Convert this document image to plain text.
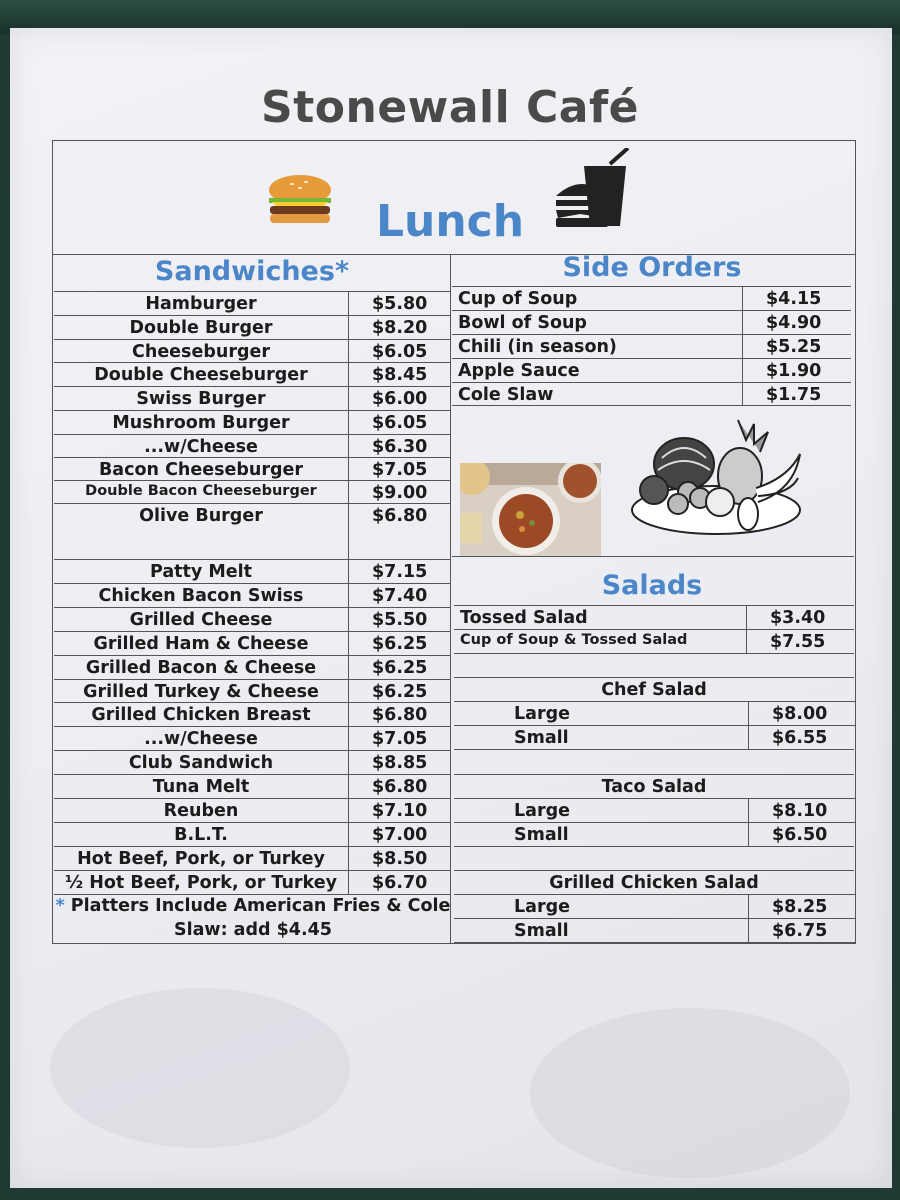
Stonewall Café
Lunch
Sandwiches*
Hamburger	$5.80
Double Burger	$8.20
Cheeseburger	$6.05
Double Cheeseburger	$8.45
Swiss Burger	$6.00
Mushroom Burger	$6.05
...w/Cheese	$6.30
Bacon Cheeseburger	$7.05
Double Bacon Cheeseburger	$9.00
Olive Burger	$6.80
Patty Melt	$7.15
Chicken Bacon Swiss	$7.40
Grilled Cheese	$5.50
Grilled Ham & Cheese	$6.25
Grilled Bacon & Cheese	$6.25
Grilled Turkey & Cheese	$6.25
Grilled Chicken Breast	$6.80
...w/Cheese	$7.05
Club Sandwich	$8.85
Tuna Melt	$6.80
Reuben	$7.10
B.L.T.	$7.00
Hot Beef, Pork, or Turkey	$8.50
½ Hot Beef, Pork, or Turkey	$6.70
* Platters Include American Fries & Cole Slaw: add $4.45
Side Orders
Cup of Soup	$4.15
Bowl of Soup	$4.90
Chili (in season)	$5.25
Apple Sauce	$1.90
Cole Slaw	$1.75
Salads
Tossed Salad	$3.40
Cup of Soup & Tossed Salad	$7.55
Chef Salad
Large	$8.00
Small	$6.55
Taco Salad
Large	$8.10
Small	$6.50
Grilled Chicken Salad
Large	$8.25
Small	$6.75
